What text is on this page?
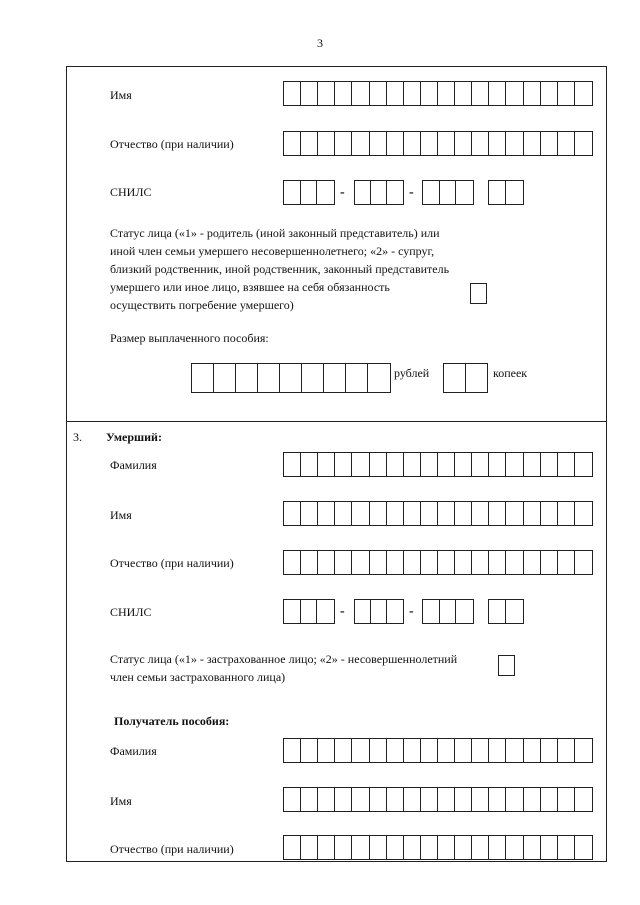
3
Имя
Отчество (при наличии)
СНИЛС	-	-
Статус лица («1» - родитель (иной законный представитель) или
иной член семьи умершего несовершеннолетнего; «2» - супруг,
близкий родственник, иной родственник, законный представитель
умершего или иное лицо, взявшее на себя обязанность
осуществить погребение умершего)
Размер выплаченного пособия:
рублей	копеек
3. Умерший:
Фамилия
Имя
Отчество (при наличии)
СНИЛС	-	-
Статус лица («1» - застрахованное лицо; «2» - несовершеннолетний
член семьи застрахованного лица)
Получатель пособия:
Фамилия
Имя
Отчество (при наличии)
